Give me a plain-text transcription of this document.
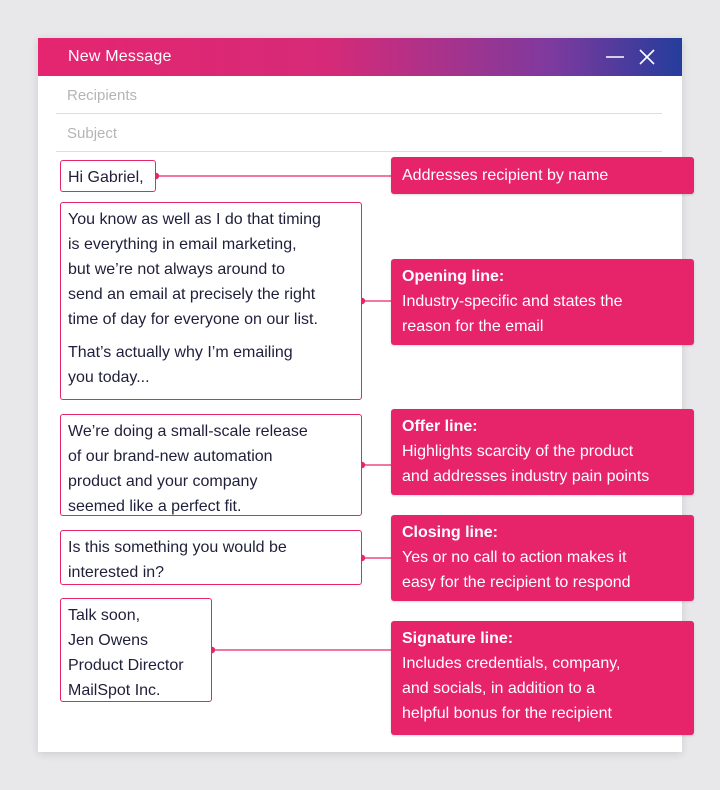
New Message
Recipients
Subject

Hi Gabriel,

You know as well as I do that timing
is everything in email marketing,
but we’re not always around to
send an email at precisely the right
time of day for everyone on our list.

That’s actually why I’m emailing
you today...

We’re doing a small-scale release
of our brand-new automation
product and your company
seemed like a perfect fit.

Is this something you would be
interested in?

Talk soon,
Jen Owens
Product Director
MailSpot Inc.

Addresses recipient by name
Opening line:
Industry-specific and states the
reason for the email
Offer line:
Highlights scarcity of the product
and addresses industry pain points
Closing line:
Yes or no call to action makes it
easy for the recipient to respond
Signature line:
Includes credentials, company,
and socials, in addition to a
helpful bonus for the recipient
